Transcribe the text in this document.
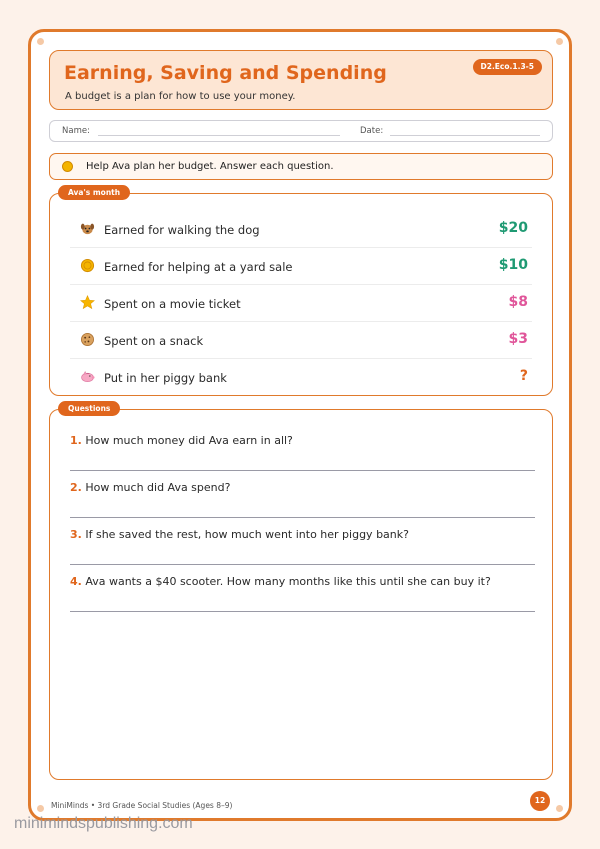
Earning, Saving and Spending
A budget is a plan for how to use your money.
D2.Eco.1.3-5
Name:	Date:
Help Ava plan her budget. Answer each question.
Ava's month
Earned for walking the dog	$20
Earned for helping at a yard sale	$10
Spent on a movie ticket	$8
Spent on a snack	$3
Put in her piggy bank	?
Questions
1. How much money did Ava earn in all?
2. How much did Ava spend?
3. If she saved the rest, how much went into her piggy bank?
4. Ava wants a $40 scooter. How many months like this until she can buy it?
MiniMinds • 3rd Grade Social Studies (Ages 8–9)
12
minimindspublishing.com
